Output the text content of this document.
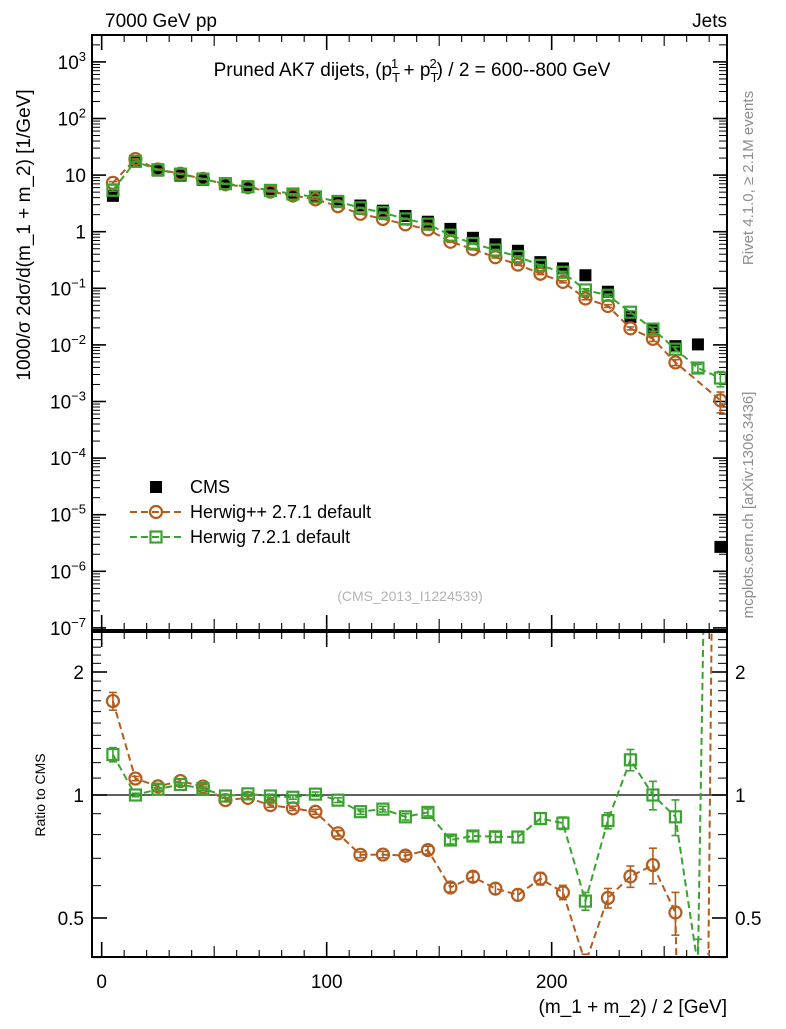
7000 GeV pp	Jets
$10^3$
$10^2$
10
1
$10^{-1}$
$10^{-2}$
$10^{-3}$
$10^{-4}$
$10^{-5}$
$10^{-6}$
$10^{-7}$
2	2
1	1
0.5	0.5
0	100	200
CMS
Herwig++ 2.7.1 default
Herwig 7.2.1 default
Pruned AK7 dijets, $(p_T1 + p_T2) / 2 = 600--800$ GeV
1000/σ 2dσ/d(m_1 + m_2) [1/GeV]
Ratio to CMS
(m_1 + m_2) / 2 [GeV]
Rivet 4.1.0, ≥ 2.1M events
mcplots.cern.ch [arXiv:1306.3436]
(CMS_2013_I1224539)
